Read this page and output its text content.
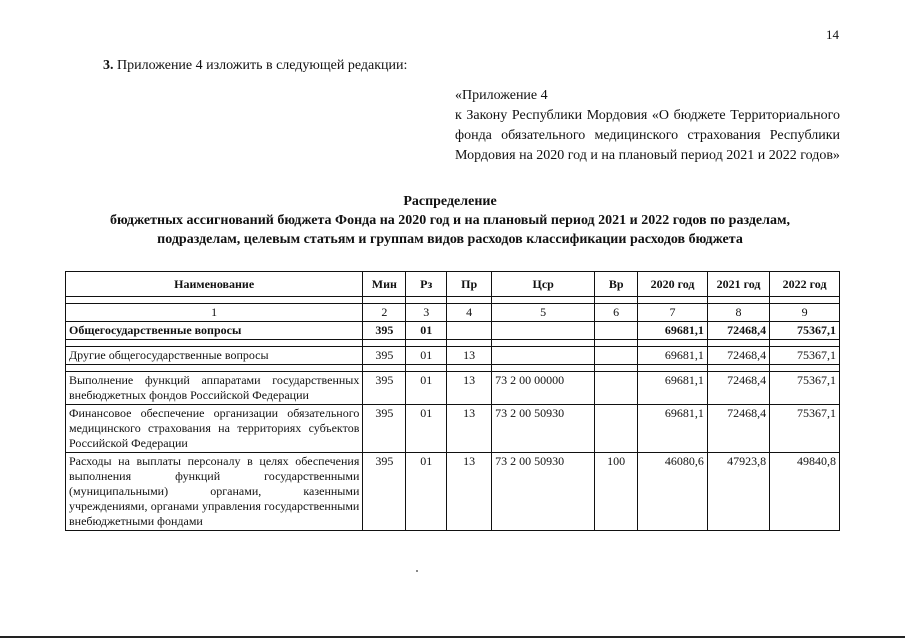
14
3. Приложение 4 изложить в следующей редакции:
«Приложение 4
к Закону Республики Мордовия «О бюджете Территориального фонда обязательного медицинского страхования Республики Мордовия на 2020 год и на плановый период 2021 и 2022 годов»
Распределение
бюджетных ассигнований бюджета Фонда на 2020 год и на плановый период 2021 и 2022 годов по разделам,
подразделам, целевым статьям и группам видов расходов классификации расходов бюджета
Наименование	Мин	Рз	Пр	Цср	Вр	2020 год	2021 год	2022 год

1	2	3	4	5	6	7	8	9
Общегосударственные вопросы	395	01				69681,1	72468,4	75367,1

Другие общегосударственные вопросы	395	01	13			69681,1	72468,4	75367,1

Выполнение функций аппаратами государственных внебюджетных фондов Российской Федерации	395	01	13	73 2 00 00000		69681,1	72468,4	75367,1
Финансовое обеспечение организации обязательного медицинского страхования на территориях субъектов Российской Федерации	395	01	13	73 2 00 50930		69681,1	72468,4	75367,1
Расходы на выплаты персоналу в целях обеспечения выполнения функций государственными (муниципальными) органами, казенными учреждениями, органами управления государственными внебюджетными фондами	395	01	13	73 2 00 50930	100	46080,6	47923,8	49840,8
